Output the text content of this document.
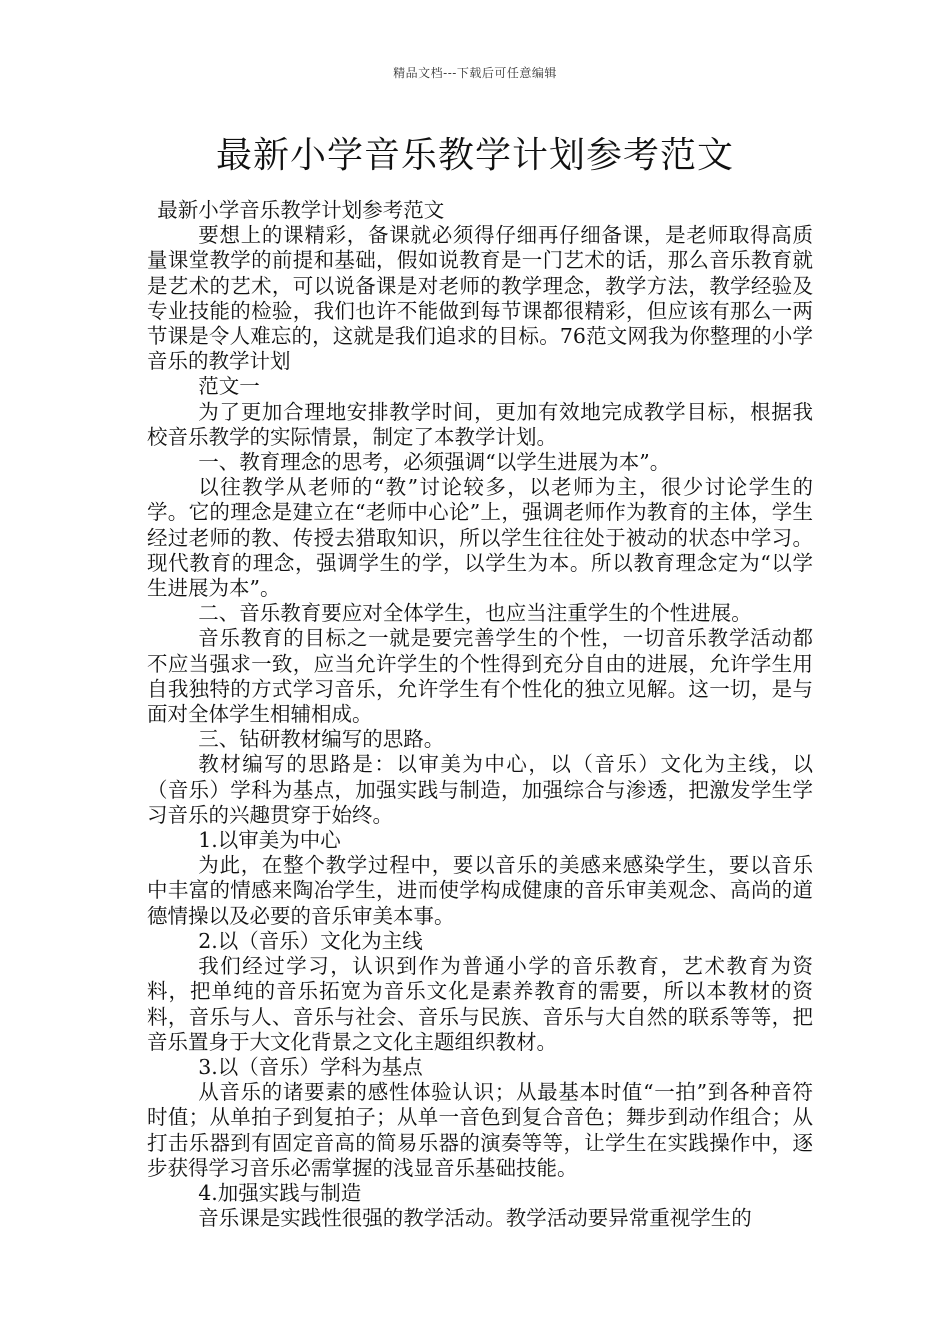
精品文档---下载后可任意编辑
最新小学音乐教学计划参考范文

最新小学音乐教学计划参考范文

要想上的课精彩，备课就必须得仔细再仔细备课，是老师取得高质量课堂教学的前提和基础，假如说教育是一门艺术的话，那么音乐教育就是艺术的艺术，可以说备课是对老师的教学理念，教学方法，教学经验及专业技能的检验，我们也许不能做到每节课都很精彩，但应该有那么一两节课是令人难忘的，这就是我们追求的目标。76范文网我为你整理的小学音乐的教学计划

范文一

为了更加合理地安排教学时间，更加有效地完成教学目标，根据我校音乐教学的实际情景，制定了本教学计划。

一、教育理念的思考，必须强调“以学生进展为本”。

以往教学从老师的“教”讨论较多，以老师为主，很少讨论学生的学。它的理念是建立在“老师中心论”上，强调老师作为教育的主体，学生经过老师的教、传授去猎取知识，所以学生往往处于被动的状态中学习。现代教育的理念，强调学生的学，以学生为本。所以教育理念定为“以学生进展为本”。

二、音乐教育要应对全体学生，也应当注重学生的个性进展。

音乐教育的目标之一就是要完善学生的个性，一切音乐教学活动都不应当强求一致，应当允许学生的个性得到充分自由的进展，允许学生用自我独特的方式学习音乐，允许学生有个性化的独立见解。这一切，是与面对全体学生相辅相成。

三、钻研教材编写的思路。

教材编写的思路是：以审美为中心，以（音乐）文化为主线，以（音乐）学科为基点，加强实践与制造，加强综合与渗透，把激发学生学习音乐的兴趣贯穿于始终。

1.以审美为中心

为此，在整个教学过程中，要以音乐的美感来感染学生，要以音乐中丰富的情感来陶冶学生，进而使学构成健康的音乐审美观念、高尚的道德情操以及必要的音乐审美本事。

2.以（音乐）文化为主线

我们经过学习，认识到作为普通小学的音乐教育，艺术教育为资料，把单纯的音乐拓宽为音乐文化是素养教育的需要，所以本教材的资料，音乐与人、音乐与社会、音乐与民族、音乐与大自然的联系等等，把音乐置身于大文化背景之文化主题组织教材。

3.以（音乐）学科为基点

从音乐的诸要素的感性体验认识；从最基本时值“一拍”到各种音符时值；从单拍子到复拍子；从单一音色到复合音色；舞步到动作组合；从打击乐器到有固定音高的简易乐器的演奏等等，让学生在实践操作中，逐步获得学习音乐必需掌握的浅显音乐基础技能。

4.加强实践与制造

音乐课是实践性很强的教学活动。教学活动要异常重视学生的
